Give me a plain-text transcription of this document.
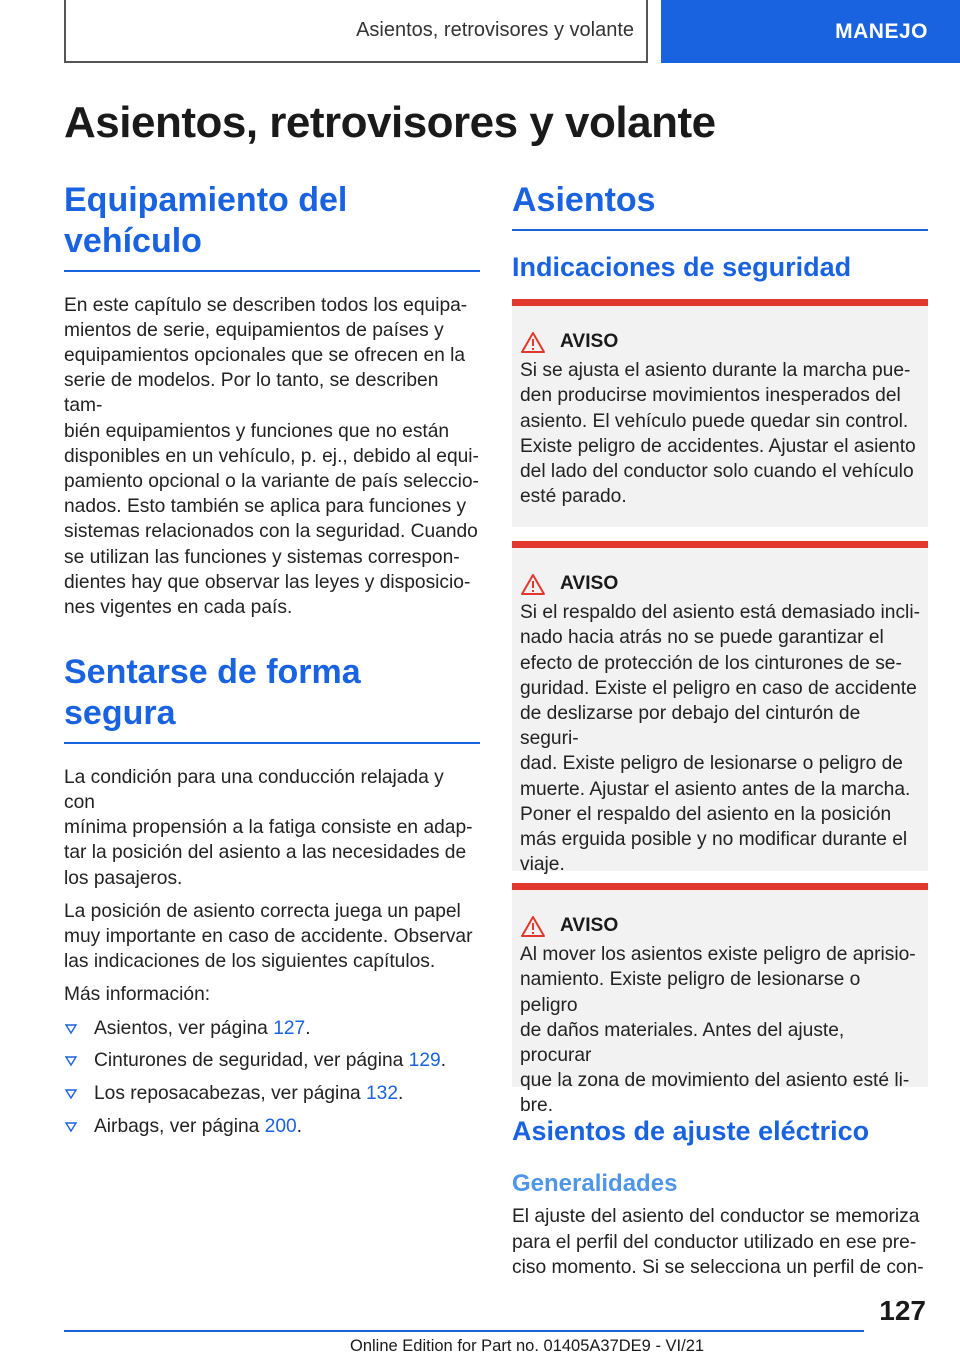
Asientos, retrovisores y volante	MANEJO
Asientos, retrovisores y volante
Equipamiento del vehículo

En este capítulo se describen todos los equipa-
mientos de serie, equipamientos de países y
equipamientos opcionales que se ofrecen en la
serie de modelos. Por lo tanto, se describen tam-
bién equipamientos y funciones que no están
disponibles en un vehículo, p. ej., debido al equi-
pamiento opcional o la variante de país seleccio-
nados. Esto también se aplica para funciones y
sistemas relacionados con la seguridad. Cuando
se utilizan las funciones y sistemas correspon-
dientes hay que observar las leyes y disposicio-
nes vigentes en cada país.

Sentarse de forma segura

La condición para una conducción relajada y con
mínima propensión a la fatiga consiste en adap-
tar la posición del asiento a las necesidades de
los pasajeros.

La posición de asiento correcta juega un papel
muy importante en caso de accidente. Observar
las indicaciones de los siguientes capítulos.

Más información:

Asientos, ver página 127.
Cinturones de seguridad, ver página 129.
Los reposacabezas, ver página 132.
Airbags, ver página 200.
Asientos
Indicaciones de seguridad
AVISO

Si se ajusta el asiento durante la marcha pue-
den producirse movimientos inesperados del
asiento. El vehículo puede quedar sin control.
Existe peligro de accidentes. Ajustar el asiento
del lado del conductor solo cuando el vehículo
esté parado.

AVISO

Si el respaldo del asiento está demasiado incli-
nado hacia atrás no se puede garantizar el
efecto de protección de los cinturones de se-
guridad. Existe el peligro en caso de accidente
de deslizarse por debajo del cinturón de seguri-
dad. Existe peligro de lesionarse o peligro de
muerte. Ajustar el asiento antes de la marcha.
Poner el respaldo del asiento en la posición
más erguida posible y no modificar durante el
viaje.

AVISO

Al mover los asientos existe peligro de aprisio-
namiento. Existe peligro de lesionarse o peligro
de daños materiales. Antes del ajuste, procurar
que la zona de movimiento del asiento esté li-
bre.

Asientos de ajuste eléctrico
Generalidades

El ajuste del asiento del conductor se memoriza
para el perfil del conductor utilizado en ese pre-
ciso momento. Si se selecciona un perfil de con-

127
Online Edition for Part no. 01405A37DE9 - VI/21
